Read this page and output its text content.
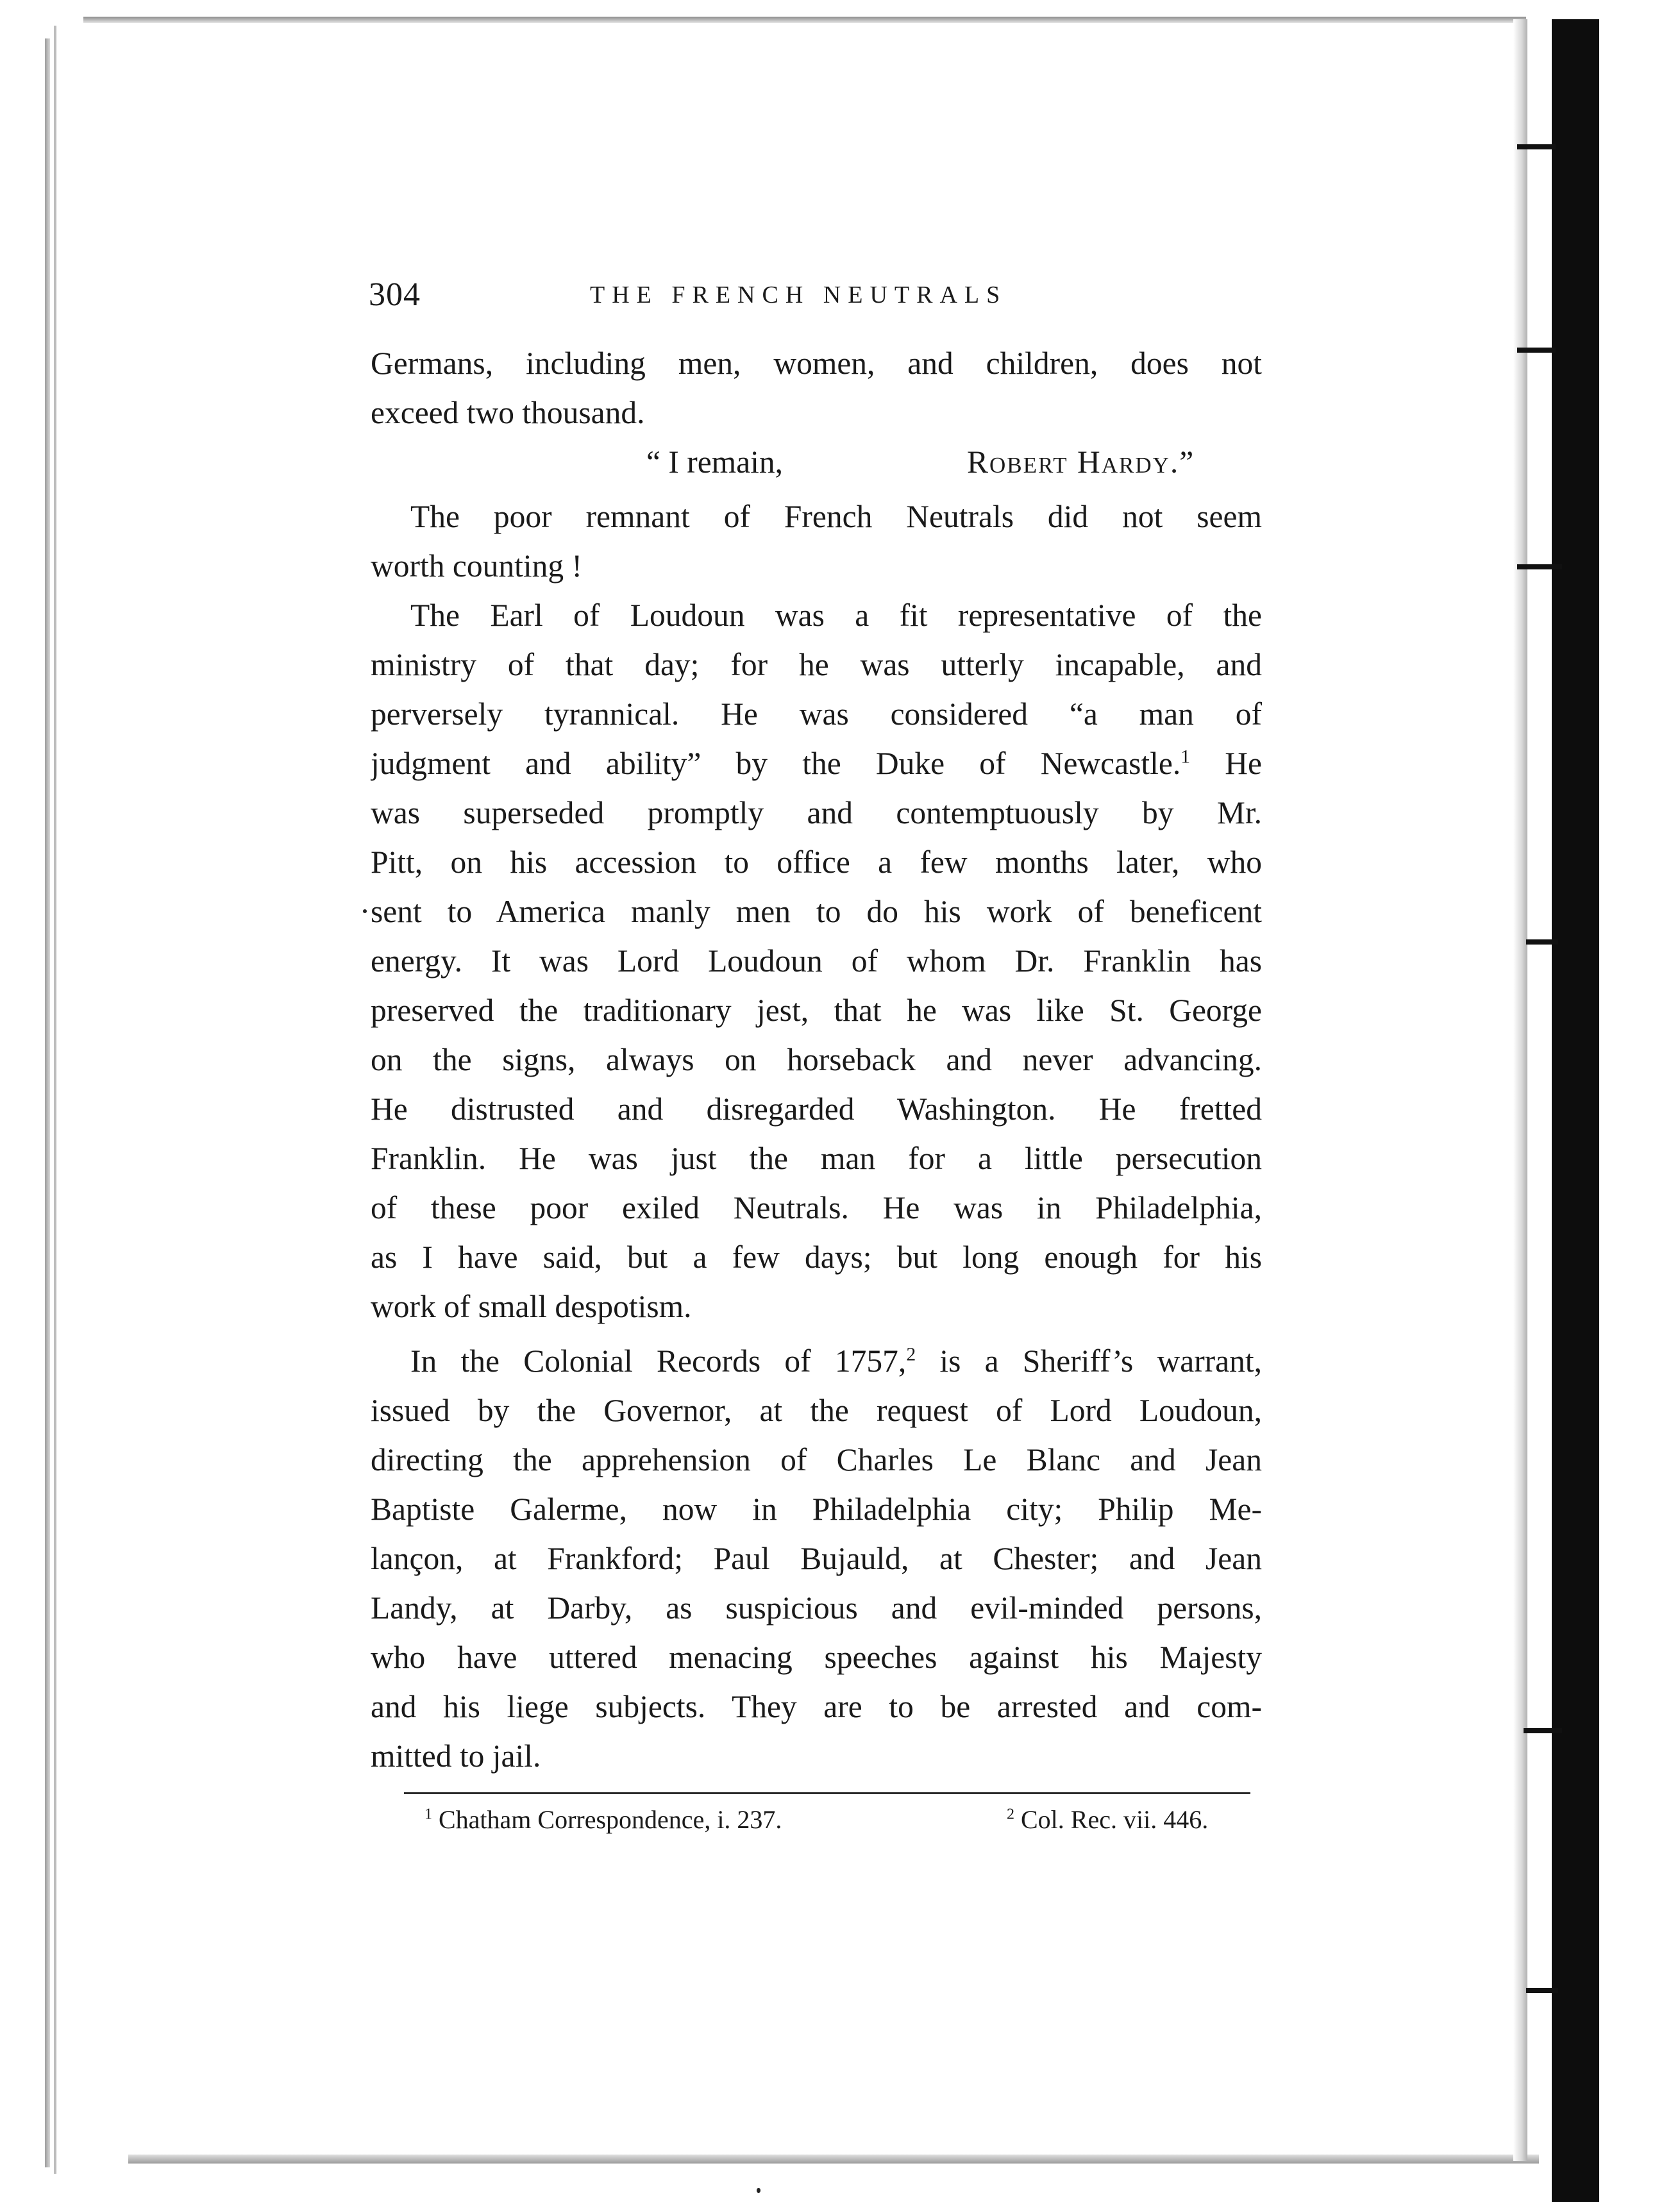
304	THE FRENCH NEUTRALS
Germans, including men, women, and children, does not
exceed two thousand.
“ I remain,	Robert Hardy.”
The poor remnant of French Neutrals did not seem
worth counting !
The Earl of Loudoun was a fit representative of the
ministry of that day; for he was utterly incapable, and
perversely tyrannical. He was considered “a man of
judgment and ability” by the Duke of Newcastle.$^1$ He
was superseded promptly and contemptuously by Mr.
Pitt, on his accession to office a few months later, who
sent to America manly men to do his work of beneficent
energy. It was Lord Loudoun of whom Dr. Franklin has
preserved the traditionary jest, that he was like St. George
on the signs, always on horseback and never advancing.
He distrusted and disregarded Washington. He fretted
Franklin. He was just the man for a little persecution
of these poor exiled Neutrals. He was in Philadelphia,
as I have said, but a few days; but long enough for his
work of small despotism.
In the Colonial Records of 1757,$^2$ is a Sheriff’s warrant,
issued by the Governor, at the request of Lord Loudoun,
directing the apprehension of Charles Le Blanc and Jean
Baptiste Galerme, now in Philadelphia city; Philip Me-
lançon, at Frankford; Paul Bujauld, at Chester; and Jean
Landy, at Darby, as suspicious and evil-minded persons,
who have uttered menacing speeches against his Majesty
and his liege subjects. They are to be arrested and com-
mitted to jail.
$^1$ Chatham Correspondence, i. 237.	$^2$ Col. Rec. vii. 446.
